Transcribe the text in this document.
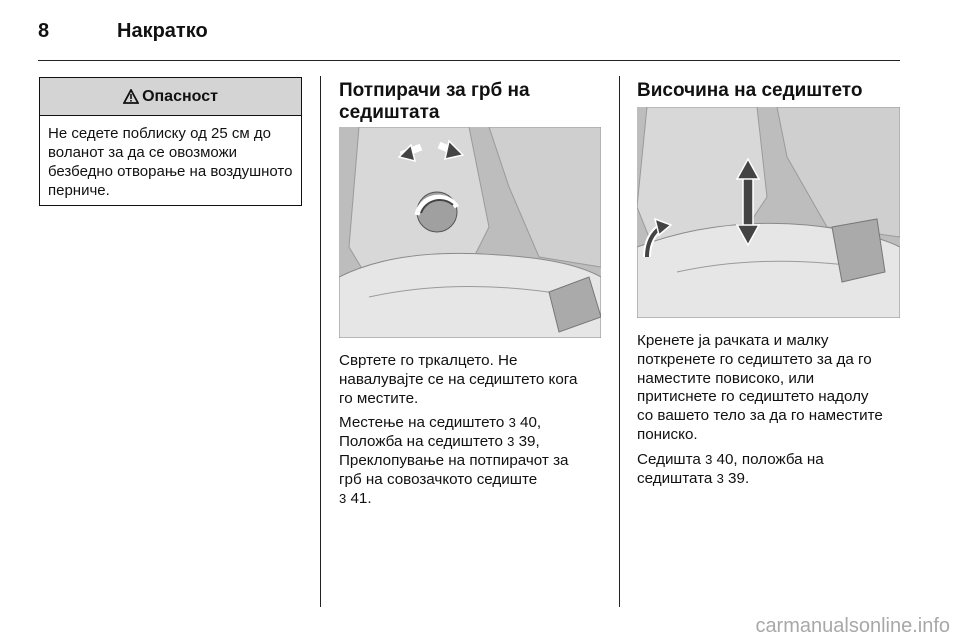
8	Накратко
Опасност
Не седете поблиску од 25 см до воланот за да се овозможи безбедно отворање на воздушното перниче.
Потпирачи за грб на
седиштата

Свртете го тркалцето. Не
навалувајте се на седиштето кога
го местите.

Местење на седиштето 3 40,
Положба на седиштето 3 39,
Преклопување на потпирачот за
грб на совозачкото седиште
3 41.

Височина на седиштето

Кренете ја рачката и малку
поткренете го седиштето за да го
наместите повисоко, или
притиснете го седиштето надолу
со вашето тело за да го наместите
пониско.

Седишта 3 40, положба на
седиштата 3 39.

carmanualsonline.info
